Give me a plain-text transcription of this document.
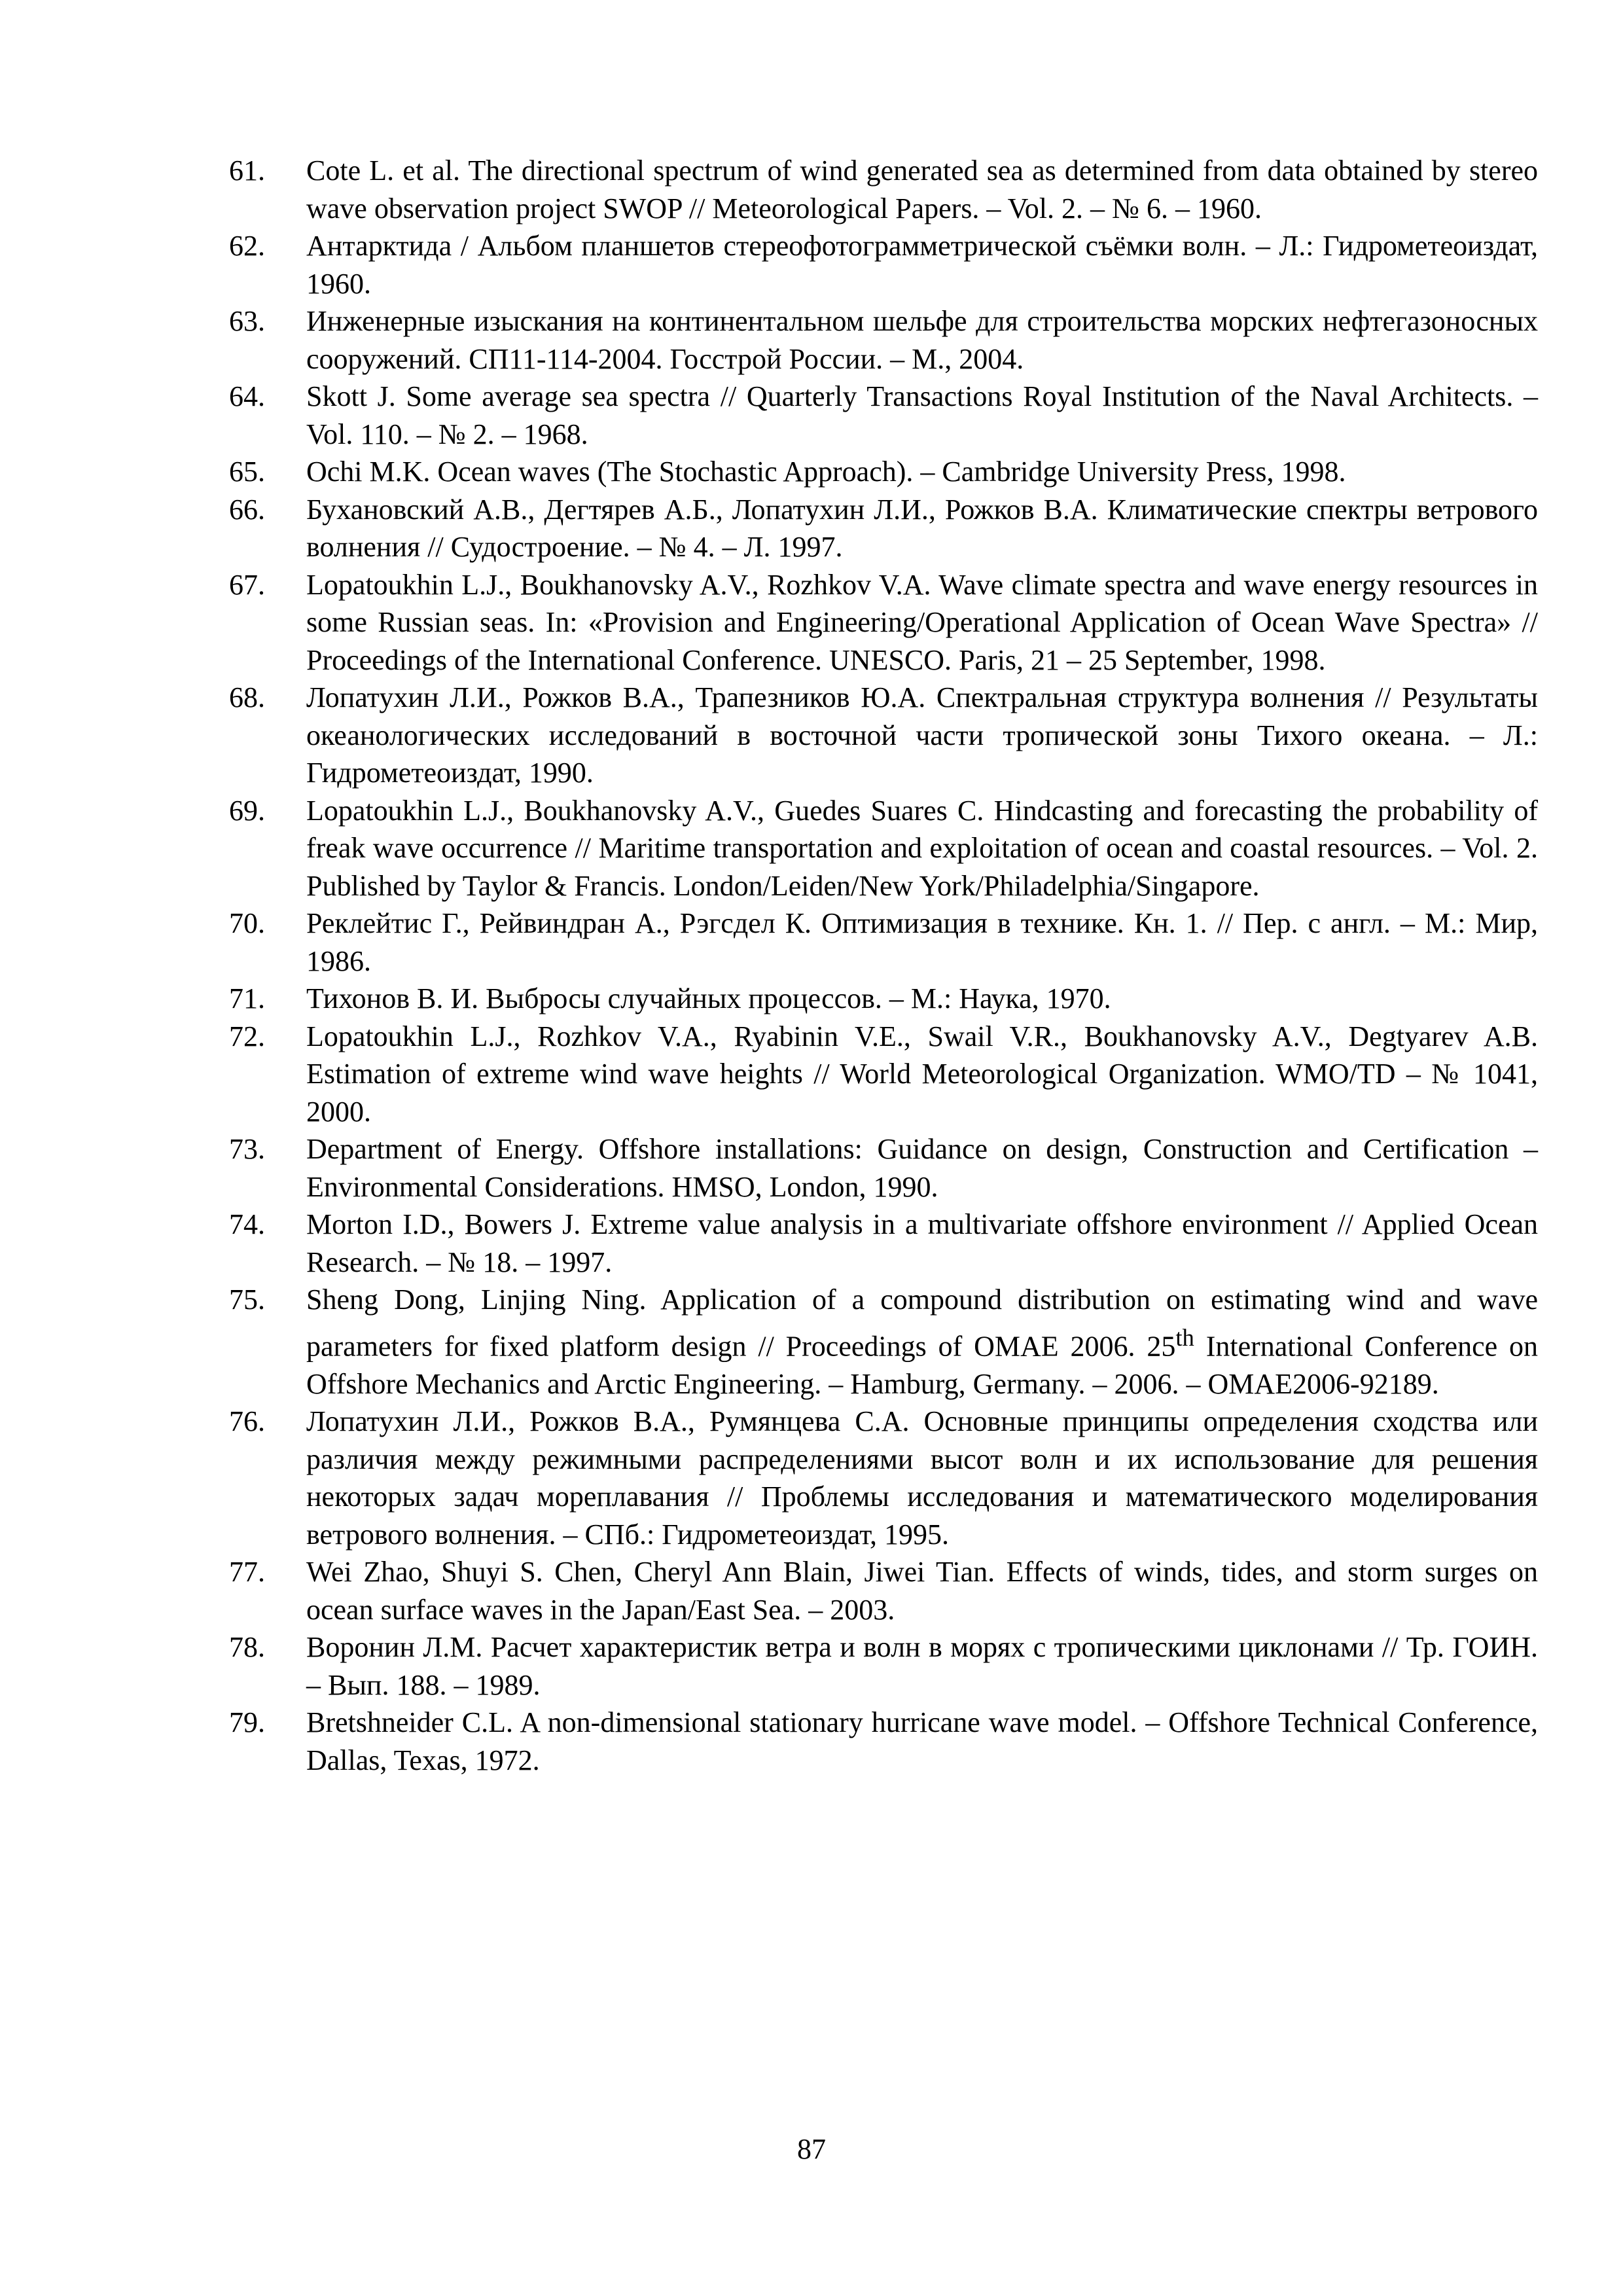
61.	Cote L. et al. The directional spectrum of wind generated sea as determined from data obtained by stereo wave observation project SWOP // Meteorological Papers. – Vol. 2. – № 6. – 1960.
62.	Антарктида / Альбом планшетов стереофотограмметрической съёмки волн. – Л.: Гидрометеоиздат, 1960.
63.	Инженерные изыскания на континентальном шельфе для строительства морских нефтегазоносных сооружений. СП11-114-2004. Госстрой России. – М., 2004.
64.	Skott J. Some average sea spectra // Quarterly Transactions Royal Institution of the Naval Architects. – Vol. 110. – № 2. – 1968.
65.	Ochi M.K. Ocean waves (The Stochastic Approach). – Cambridge University Press, 1998.
66.	Бухановский А.В., Дегтярев А.Б., Лопатухин Л.И., Рожков В.А. Климатические спектры ветрового волнения // Судостроение. – № 4. – Л. 1997.
67.	Lopatoukhin L.J., Boukhanovsky A.V., Rozhkov V.A. Wave climate spectra and wave energy resources in some Russian seas. In: «Provision and Engineering/Operational Application of Ocean Wave Spectra» // Proceedings of the International Conference. UNESCO. Paris, 21 – 25 September, 1998.
68.	Лопатухин Л.И., Рожков В.А., Трапезников Ю.А. Спектральная структура волнения // Результаты океанологических исследований в восточной части тропической зоны Тихого океана. – Л.: Гидрометеоиздат, 1990.
69.	Lopatoukhin L.J., Boukhanovsky A.V., Guedes Suares C. Hindcasting and forecasting the probability of freak wave occurrence // Maritime transportation and exploitation of ocean and coastal resources. – Vol. 2. Published by Taylor & Francis. London/Leiden/New York/Philadelphia/Singapore.
70.	Реклейтис Г., Рейвиндран А., Рэгсдел К. Оптимизация в технике. Кн. 1. // Пер. с англ. – М.: Мир, 1986.
71.	Тихонов В. И. Выбросы случайных процессов. – М.: Наука, 1970.
72.	Lopatoukhin L.J., Rozhkov V.A., Ryabinin V.E., Swail V.R., Boukhanovsky A.V., Degtyarev A.B. Estimation of extreme wind wave heights // World Meteorological Organization. WMO/TD – № 1041, 2000.
73.	Department of Energy. Offshore installations: Guidance on design, Construction and Certification – Environmental Considerations. HMSO, London, 1990.
74.	Morton I.D., Bowers J. Extreme value analysis in a multivariate offshore environment // Applied Ocean Research. – № 18. – 1997.
75.	Sheng Dong, Linjing Ning. Application of a compound distribution on estimating wind and wave parameters for fixed platform design // Proceedings of OMAE 2006. 25th International Conference on Offshore Mechanics and Arctic Engineering. – Hamburg, Germany. – 2006. – OMAE2006-92189.
76.	Лопатухин Л.И., Рожков В.А., Румянцева С.А. Основные принципы определения сходства или различия между режимными распределениями высот волн и их использование для решения некоторых задач мореплавания // Проблемы исследования и математического моделирования ветрового волнения. – СПб.: Гидрометеоиздат, 1995.
77.	Wei Zhao, Shuyi S. Chen, Cheryl Ann Blain, Jiwei Tian. Effects of winds, tides, and storm surges on ocean surface waves in the Japan/East Sea. – 2003.
78.	Воронин Л.М. Расчет характеристик ветра и волн в морях с тропическими циклонами // Тр. ГОИН. – Вып. 188. – 1989.
79.	Bretshneider C.L. A non-dimensional stationary hurricane wave model. – Offshore Technical Conference, Dallas, Texas, 1972.
87
